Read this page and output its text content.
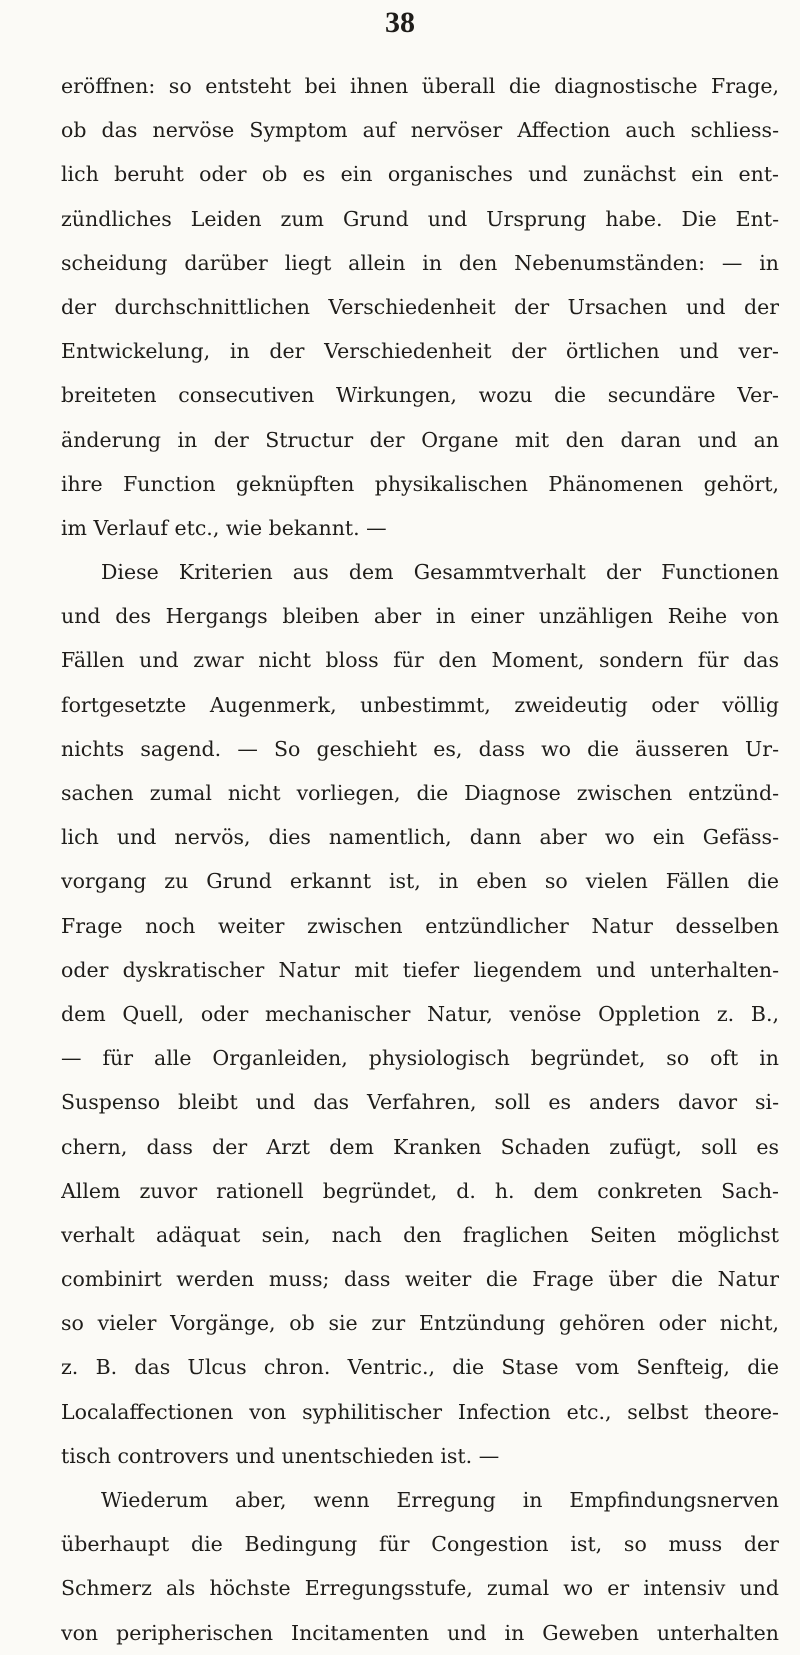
38
eröffnen: so entsteht bei ihnen überall die diagnostische Frage,
ob das nervöse Symptom auf nervöser Affection auch schliess-
lich beruht oder ob es ein organisches und zunächst ein ent-
zündliches Leiden zum Grund und Ursprung habe. Die Ent-
scheidung darüber liegt allein in den Nebenumständen: — in
der durchschnittlichen Verschiedenheit der Ursachen und der
Entwickelung, in der Verschiedenheit der örtlichen und ver-
breiteten consecutiven Wirkungen, wozu die secundäre Ver-
änderung in der Structur der Organe mit den daran und an
ihre Function geknüpften physikalischen Phänomenen gehört,
im Verlauf etc., wie bekannt. —
Diese Kriterien aus dem Gesammtverhalt der Functionen
und des Hergangs bleiben aber in einer unzähligen Reihe von
Fällen und zwar nicht bloss für den Moment, sondern für das
fortgesetzte Augenmerk, unbestimmt, zweideutig oder völlig
nichts sagend. — So geschieht es, dass wo die äusseren Ur-
sachen zumal nicht vorliegen, die Diagnose zwischen entzünd-
lich und nervös, dies namentlich, dann aber wo ein Gefäss-
vorgang zu Grund erkannt ist, in eben so vielen Fällen die
Frage noch weiter zwischen entzündlicher Natur desselben
oder dyskratischer Natur mit tiefer liegendem und unterhalten-
dem Quell, oder mechanischer Natur, venöse Oppletion z. B.,
— für alle Organleiden, physiologisch begründet, so oft in
Suspenso bleibt und das Verfahren, soll es anders davor si-
chern, dass der Arzt dem Kranken Schaden zufügt, soll es
Allem zuvor rationell begründet, d. h. dem conkreten Sach-
verhalt adäquat sein, nach den fraglichen Seiten möglichst
combinirt werden muss; dass weiter die Frage über die Natur
so vieler Vorgänge, ob sie zur Entzündung gehören oder nicht,
z. B. das Ulcus chron. Ventric., die Stase vom Senfteig, die
Localaffectionen von syphilitischer Infection etc., selbst theore-
tisch controvers und unentschieden ist. —
Wiederum aber, wenn Erregung in Empfindungsnerven
überhaupt die Bedingung für Congestion ist, so muss der
Schmerz als höchste Erregungsstufe, zumal wo er intensiv und
von peripherischen Incitamenten und in Geweben unterhalten
